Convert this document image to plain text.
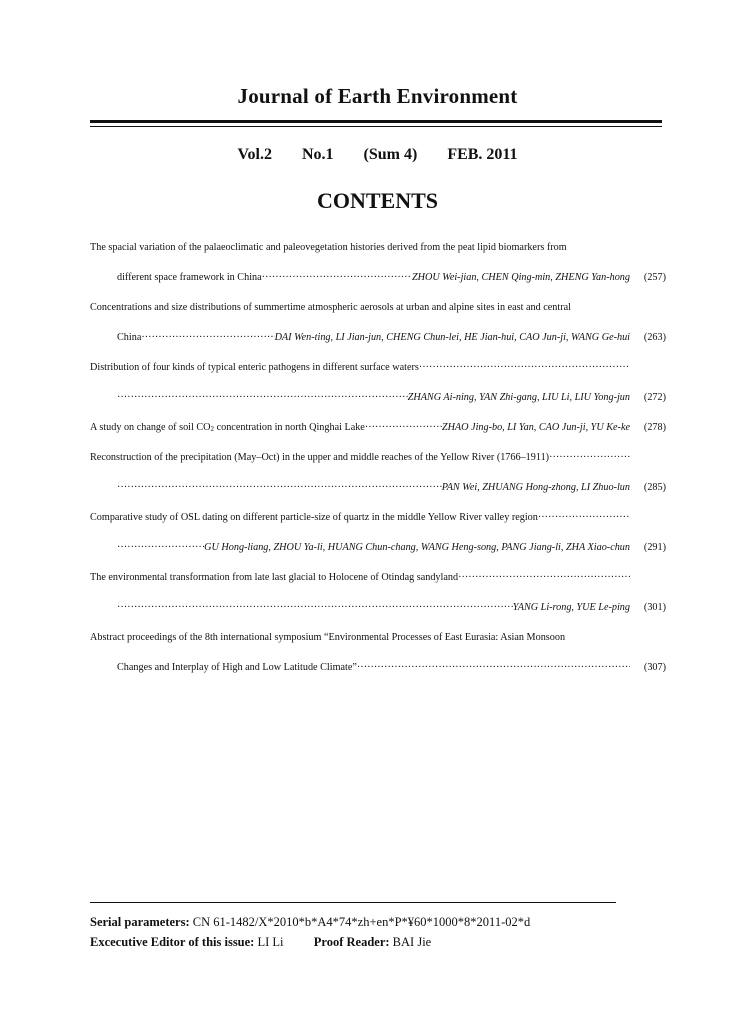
Journal of Earth Environment
Vol.2 No.1 (Sum 4) FEB. 2011
CONTENTS
The spacial variation of the palaeoclimatic and paleovegetation histories derived from the peat lipid biomarkers from
different space framework in China ·····	ZHOU Wei-jian, CHEN Qing-min, ZHENG Yan-hong	(257)
Concentrations and size distributions of summertime atmospheric aerosols at urban and alpine sites in east and central
China ·····	DAI Wen-ting, LI Jian-jun, CHENG Chun-lei, HE Jian-hui, CAO Jun-ji, WANG Ge-hui	(263)
Distribution of four kinds of typical enteric pathogens in different surface waters
·····
·····
ZHANG Ai-ning, YAN Zhi-gang, LIU Li, LIU Yong-jun	(272)
A study on change of soil $CO_2$ concentration in north Qinghai Lake ·····	ZHAO Jing-bo, LI Yan, CAO Jun-ji, YU Ke-ke	(278)
Reconstruction of the precipitation (May–Oct) in the upper and middle reaches of the Yellow River (1766–1911)
·····
·····
PAN Wei, ZHUANG Hong-zhong, LI Zhuo-lun	(285)
Comparative study of OSL dating on different particle-size of quartz in the middle Yellow River valley region
·····
·····
GU Hong-liang, ZHOU Ya-li, HUANG Chun-chang, WANG Heng-song, PANG Jiang-li, ZHA Xiao-chun	(291)
The environmental transformation from late last glacial to Holocene of Otindag sandyland
·····
·····
YANG Li-rong, YUE Le-ping	(301)
Abstract proceedings of the 8th international symposium “Environmental Processes of East Eurasia: Asian Monsoon
Changes and Interplay of High and Low Latitude Climate” ·····	(307)
Serial parameters: CN 61-1482/X*2010*b*A4*74*zh+en*P*¥60*1000*8*2011-02*d
Excecutive Editor of this issue: LI Li Proof Reader: BAI Jie
